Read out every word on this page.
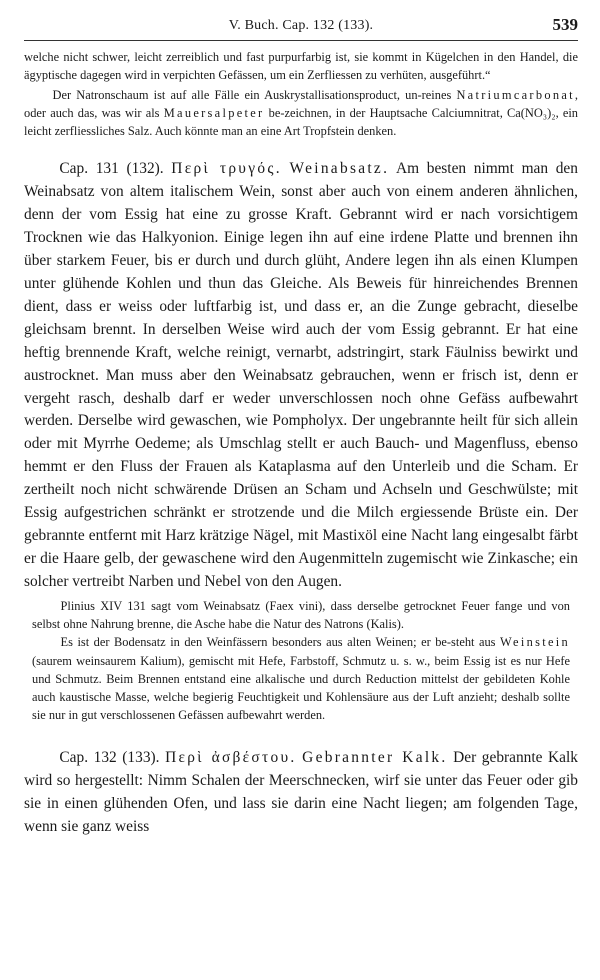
V. Buch. Cap. 132 (133).	539

welche nicht schwer, leicht zerreiblich und fast purpurfarbig ist, sie kommt in Kügelchen in den Handel, die ägyptische dagegen wird in verpichten Gefässen, um ein Zerfliessen zu verhüten, ausgeführt.“

Der Natronschaum ist auf alle Fälle ein Auskrystallisationsproduct, un-reines Natriumcarbonat, oder auch das, was wir als Mauersalpeter be-zeichnen, in der Hauptsache Calciumnitrat, Ca(NO₃)₂, ein leicht zerfliessliches Salz. Auch könnte man an eine Art Tropfstein denken.

Cap. 131 (132). Περὶ τρυγός. Weinabsatz. Am besten nimmt man den Weinabsatz von altem italischem Wein, sonst aber auch von einem anderen ähnlichen, denn der vom Essig hat eine zu grosse Kraft. Gebrannt wird er nach vorsichtigem Trocknen wie das Halkyonion. Einige legen ihn auf eine irdene Platte und brennen ihn über starkem Feuer, bis er durch und durch glüht, Andere legen ihn als einen Klumpen unter glühende Kohlen und thun das Gleiche. Als Beweis für hinreichendes Brennen dient, dass er weiss oder luftfarbig ist, und dass er, an die Zunge gebracht, dieselbe gleichsam brennt. In derselben Weise wird auch der vom Essig gebrannt. Er hat eine heftig brennende Kraft, welche reinigt, vernarbt, adstringirt, stark Fäulniss bewirkt und austrocknet. Man muss aber den Weinabsatz gebrauchen, wenn er frisch ist, denn er vergeht rasch, deshalb darf er weder unverschlossen noch ohne Gefäss aufbewahrt werden. Derselbe wird gewaschen, wie Pompholyx. Der ungebrannte heilt für sich allein oder mit Myrrhe Oedeme; als Umschlag stellt er auch Bauch- und Magenfluss, ebenso hemmt er den Fluss der Frauen als Kataplasma auf den Unterleib und die Scham. Er zertheilt noch nicht schwärende Drüsen an Scham und Achseln und Geschwülste; mit Essig aufgestrichen schränkt er strotzende und die Milch ergiessende Brüste ein. Der gebrannte entfernt mit Harz krätzige Nägel, mit Mastixöl eine Nacht lang eingesalbt färbt er die Haare gelb, der gewaschene wird den Augenmitteln zugemischt wie Zinkasche; ein solcher vertreibt Narben und Nebel von den Augen.

Plinius XIV 131 sagt vom Weinabsatz (Faex vini), dass derselbe getrocknet Feuer fange und von selbst ohne Nahrung brenne, die Asche habe die Natur des Natrons (Kalis).

Es ist der Bodensatz in den Weinfässern besonders aus alten Weinen; er be-steht aus Weinstein (saurem weinsaurem Kalium), gemischt mit Hefe, Farbstoff, Schmutz u. s. w., beim Essig ist es nur Hefe und Schmutz. Beim Brennen entstand eine alkalische und durch Reduction mittelst der gebildeten Kohle auch kaustische Masse, welche begierig Feuchtigkeit und Kohlensäure aus der Luft anzieht; deshalb sollte sie nur in gut verschlossenen Gefässen aufbewahrt werden.

Cap. 132 (133). Περὶ ἀσβέστου. Gebrannter Kalk. Der gebrannte Kalk wird so hergestellt: Nimm Schalen der Meerschnecken, wirf sie unter das Feuer oder gib sie in einen glühenden Ofen, und lass sie darin eine Nacht liegen; am folgenden Tage, wenn sie ganz weiss
